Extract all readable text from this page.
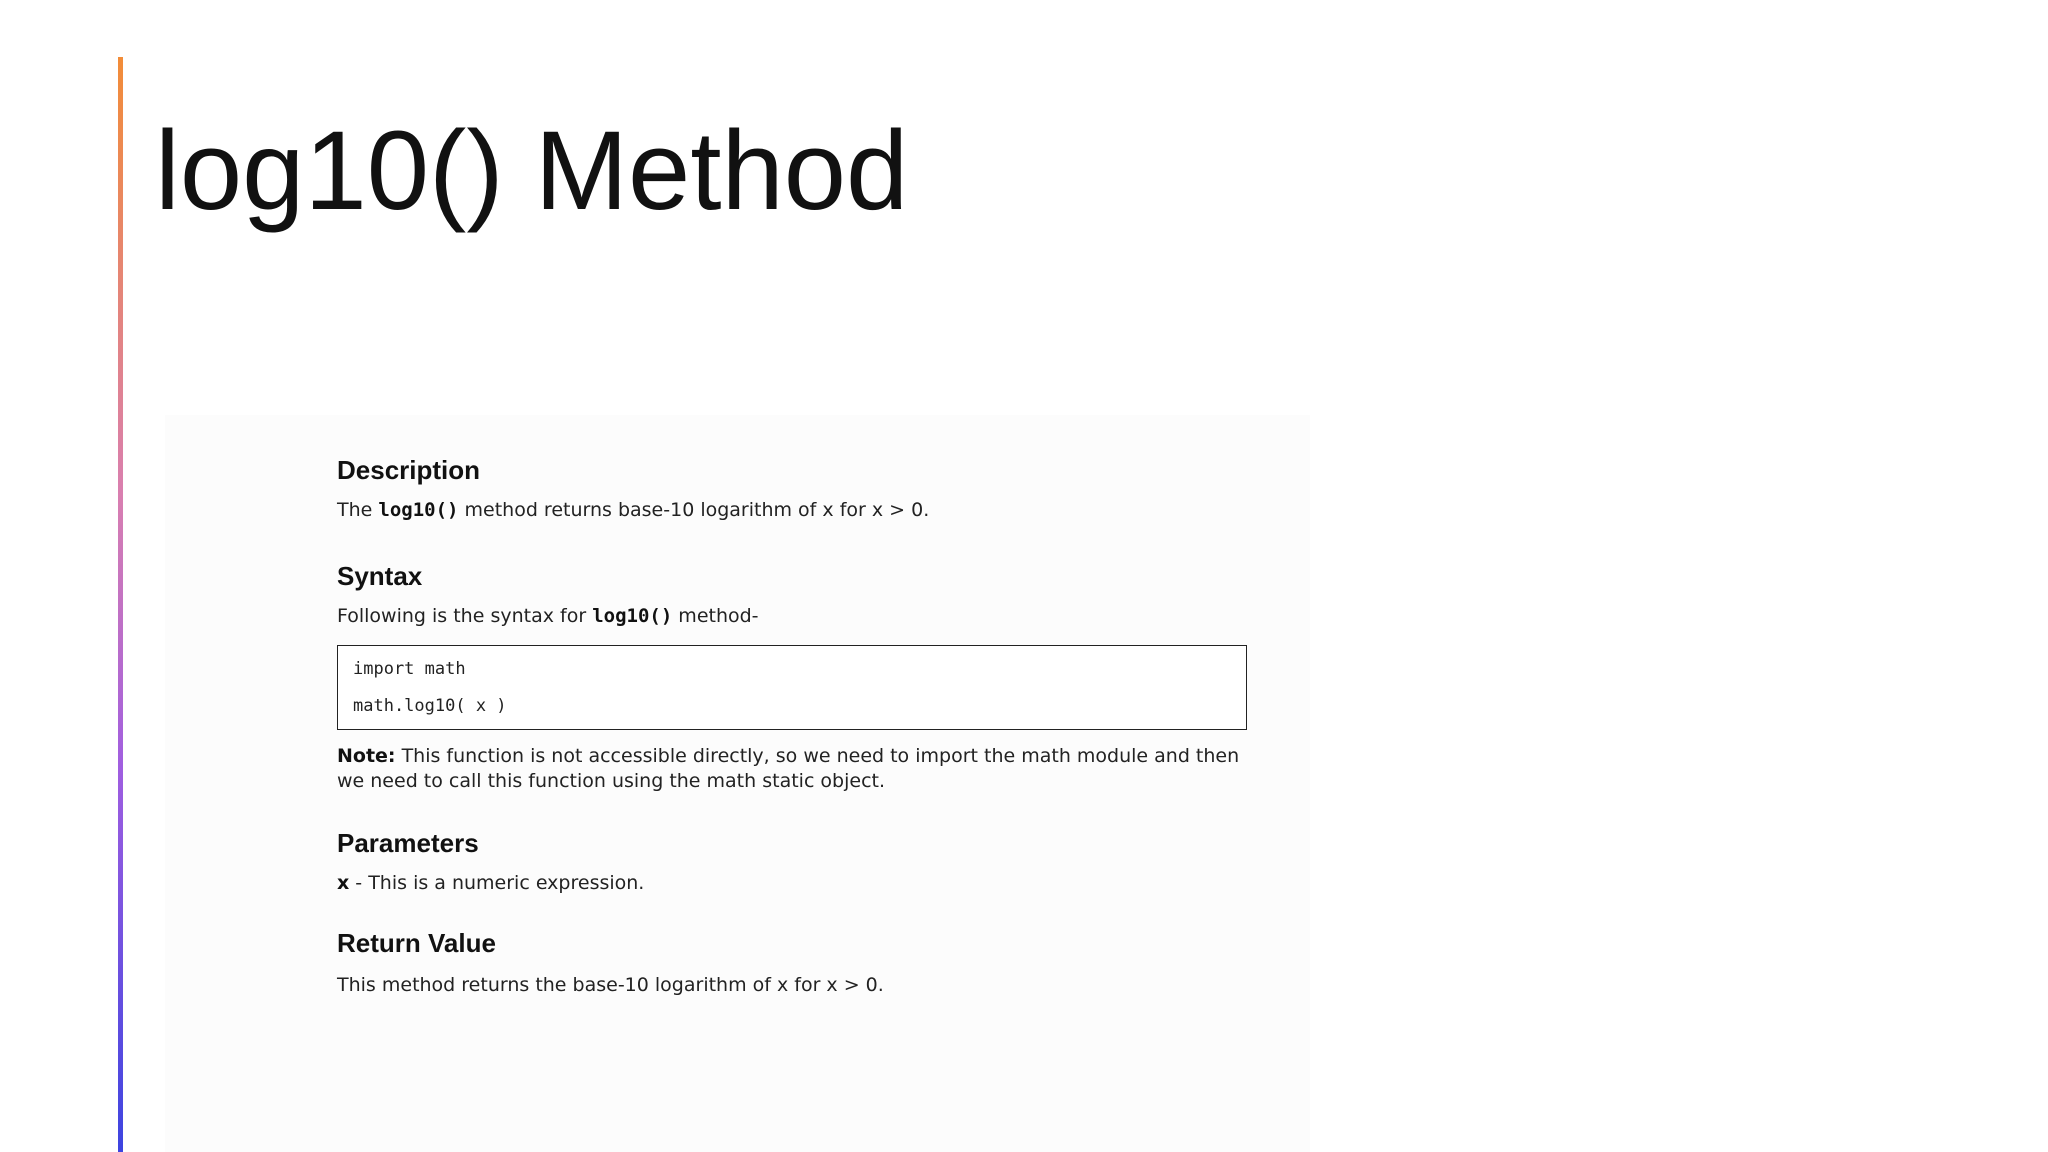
log10() Method
Description

The log10() method returns base-10 logarithm of x for x > 0.

Syntax

Following is the syntax for log10() method-

import math
math.log10( x )

Note: This function is not accessible directly, so we need to import the math module and then we need to call this function using the math static object.

Parameters

x - This is a numeric expression.

Return Value

This method returns the base-10 logarithm of x for x > 0.
